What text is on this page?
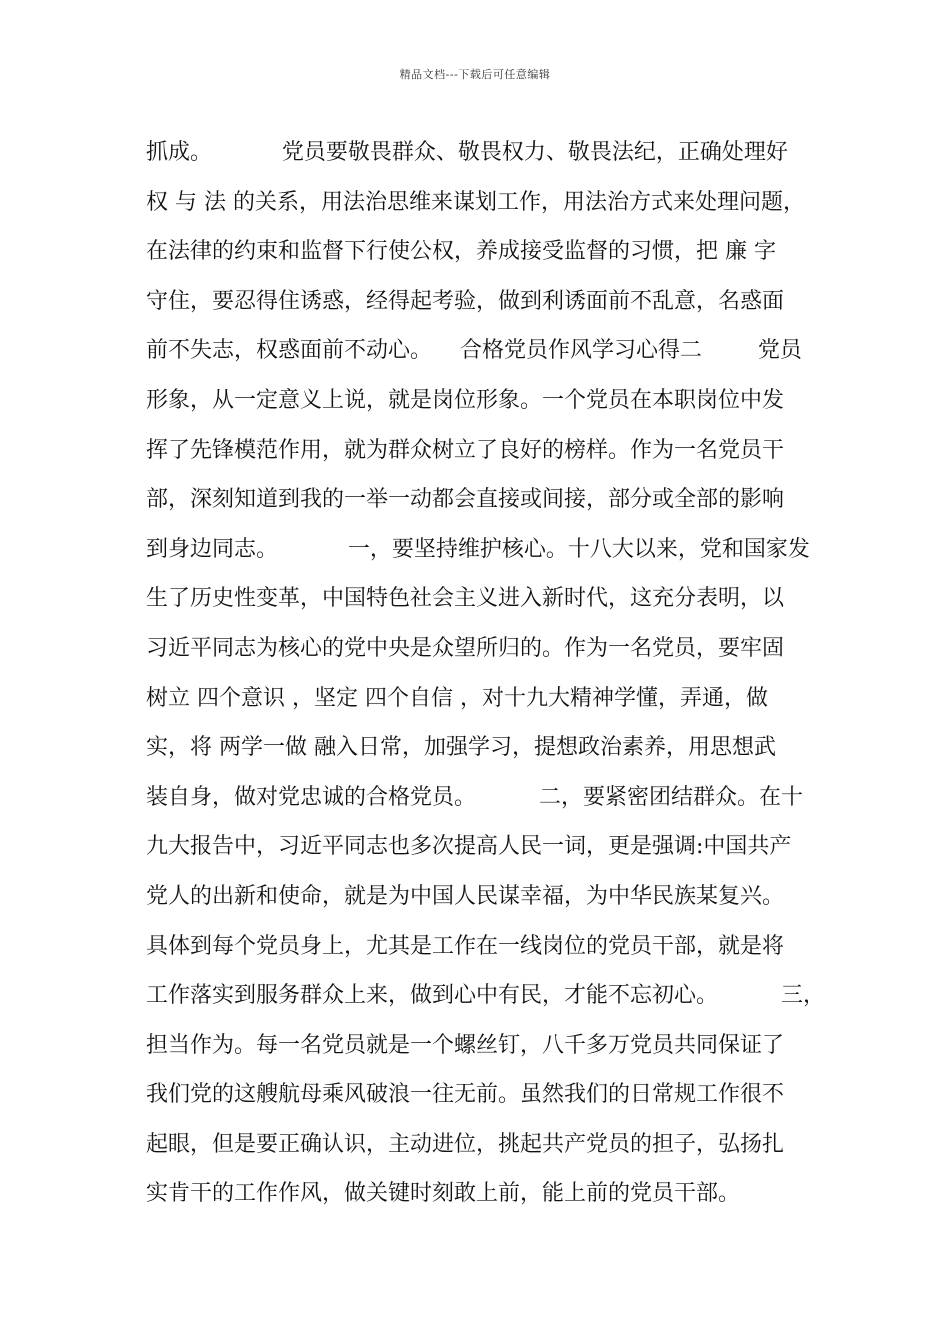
精品文档---下载后可任意编辑
抓成。          党员要敬畏群众、敬畏权力、敬畏法纪，正确处理好
权 与 法 的关系，用法治思维来谋划工作，用法治方式来处理问题，
在法律的约束和监督下行使公权，养成接受监督的习惯，把 廉 字
守住，要忍得住诱惑，经得起考验，做到利诱面前不乱意，名惑面
前不失志，权惑面前不动心。    合格党员作风学习心得二        党员
形象，从一定意义上说，就是岗位形象。一个党员在本职岗位中发
挥了先锋模范作用，就为群众树立了良好的榜样。作为一名党员干
部，深刻知道到我的一举一动都会直接或间接，部分或全部的影响
到身边同志。          一，要坚持维护核心。十八大以来，党和国家发
生了历史性变革，中国特色社会主义进入新时代，这充分表明，以
习近平同志为核心的党中央是众望所归的。作为一名党员，要牢固
树立 四个意识 ，坚定 四个自信 ，对十九大精神学懂，弄通，做
实，将 两学一做 融入日常，加强学习，提想政治素养，用思想武
装自身，做对党忠诚的合格党员。         二，要紧密团结群众。在十
九大报告中，习近平同志也多次提高人民一词，更是强调:中国共产
党人的出新和使命，就是为中国人民谋幸福，为中华民族某复兴。
具体到每个党员身上，尤其是工作在一线岗位的党员干部，就是将
工作落实到服务群众上来，做到心中有民，才能不忘初心。         三，
担当作为。每一名党员就是一个螺丝钉，八千多万党员共同保证了
我们党的这艘航母乘风破浪一往无前。虽然我们的日常规工作很不
起眼，但是要正确认识，主动进位，挑起共产党员的担子，弘扬扎
实肯干的工作作风，做关键时刻敢上前，能上前的党员干部。
